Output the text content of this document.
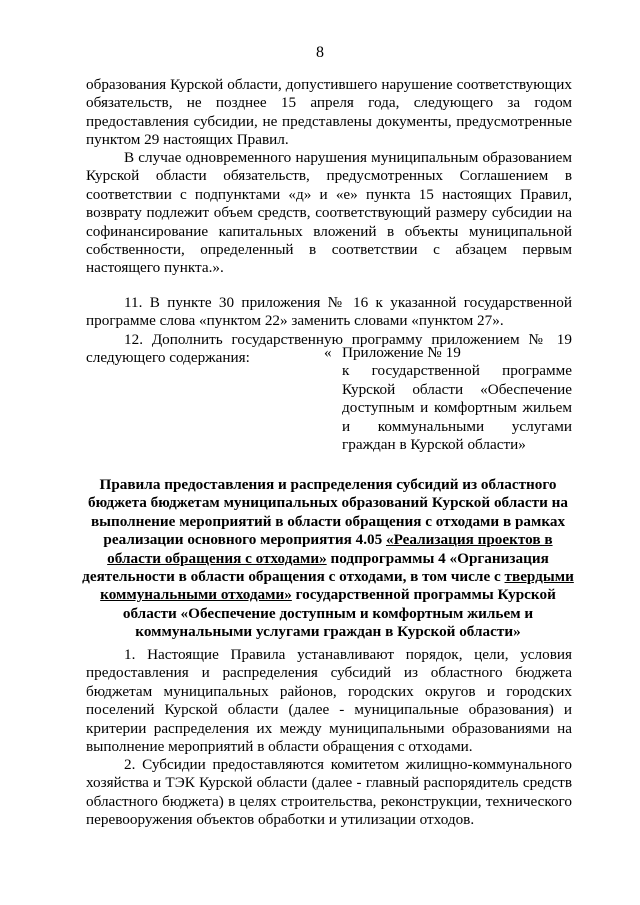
8

образования Курской области, допустившего нарушение соответствующих обязательств, не позднее 15 апреля года, следующего за годом предоставления субсидии, не представлены документы, предусмотренные пунктом 29 настоящих Правил.

В случае одновременного нарушения муниципальным образованием Курской области обязательств, предусмотренных Соглашением в соответствии с подпунктами «д» и «е» пункта 15 настоящих Правил, возврату подлежит объем средств, соответствующий размеру субсидии на софинансирование капитальных вложений в объекты муниципальной собственности, определенный в соответствии с абзацем первым настоящего пункта.».

11. В пункте 30 приложения № 16 к указанной государственной программе слова «пунктом 22» заменить словами «пунктом 27».

12. Дополнить государственную программу приложением № 19 следующего содержания:	« Приложение № 19
к государственной программе Курской области «Обеспечение доступным и комфортным жильем и коммунальными услугами граждан в Курской области»
Правила предоставления и распределения субсидий из областного бюджета бюджетам муниципальных образований Курской области на выполнение мероприятий в области обращения с отходами в рамках реализации основного мероприятия 4.05 «Реализация проектов в области обращения с отходами» подпрограммы 4 «Организация деятельности в области обращения с отходами, в том числе с твердыми коммунальными отходами» государственной программы Курской области «Обеспечение доступным и комфортным жильем и коммунальными услугами граждан в Курской области»

1. Настоящие Правила устанавливают порядок, цели, условия предоставления и распределения субсидий из областного бюджета бюджетам муниципальных районов, городских округов и городских поселений Курской области (далее - муниципальные образования) и критерии распределения их между муниципальными образованиями на выполнение мероприятий в области обращения с отходами.

2. Субсидии предоставляются комитетом жилищно-коммунального хозяйства и ТЭК Курской области (далее - главный распорядитель средств областного бюджета) в целях строительства, реконструкции, технического перевооружения объектов обработки и утилизации отходов.
